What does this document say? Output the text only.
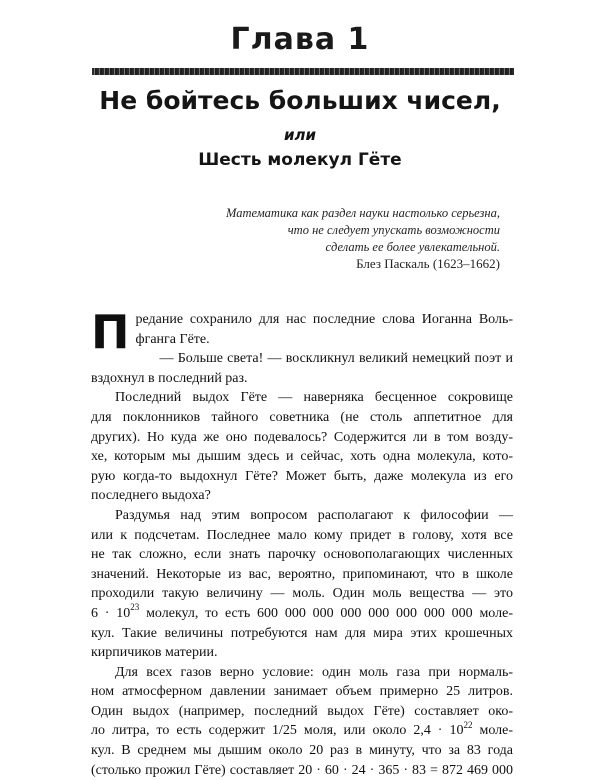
Глава 1
Не бойтесь больших чисел,
или
Шесть молекул Гёте
Математика как раздел науки настолько серьезна,
что не следует упускать возможности
сделать ее более увлекательной.
Блез Паскаль (1623–1662)
П редание сохранило для нас последние слова Иоганна Воль-
фганга Гёте.
— Больше света! — воскликнул великий немецкий поэт и
вздохнул в последний раз.
Последний выдох Гёте — наверняка бесценное сокровище
для поклонников тайного советника (не столь аппетитное для
других). Но куда же оно подевалось? Содержится ли в том возду-
хе, которым мы дышим здесь и сейчас, хоть одна молекула, кото-
рую когда-то выдохнул Гёте? Может быть, даже молекула из его
последнего выдоха?
Раздумья над этим вопросом располагают к философии —
или к подсчетам. Последнее мало кому придет в голову, хотя все
не так сложно, если знать парочку основополагающих численных
значений. Некоторые из вас, вероятно, припоминают, что в школе
проходили такую величину — моль. Один моль вещества — это
$6 \cdot 10^{23}$ молекул, то есть 600 000 000 000 000 000 000 000 моле-
кул. Такие величины потребуются нам для мира этих крошечных
кирпичиков материи.
Для всех газов верно условие: один моль газа при нормаль-
ном атмосферном давлении занимает объем примерно 25 литров.
Один выдох (например, последний выдох Гёте) составляет око-
ло литра, то есть содержит 1/25 моля, или около $2,4 \cdot 10^{22}$ моле-
кул. В среднем мы дышим около 20 раз в минуту, что за 83 года
(столько прожил Гёте) составляет 20 · 60 · 24 · 365 · 83 = 872 469 000
